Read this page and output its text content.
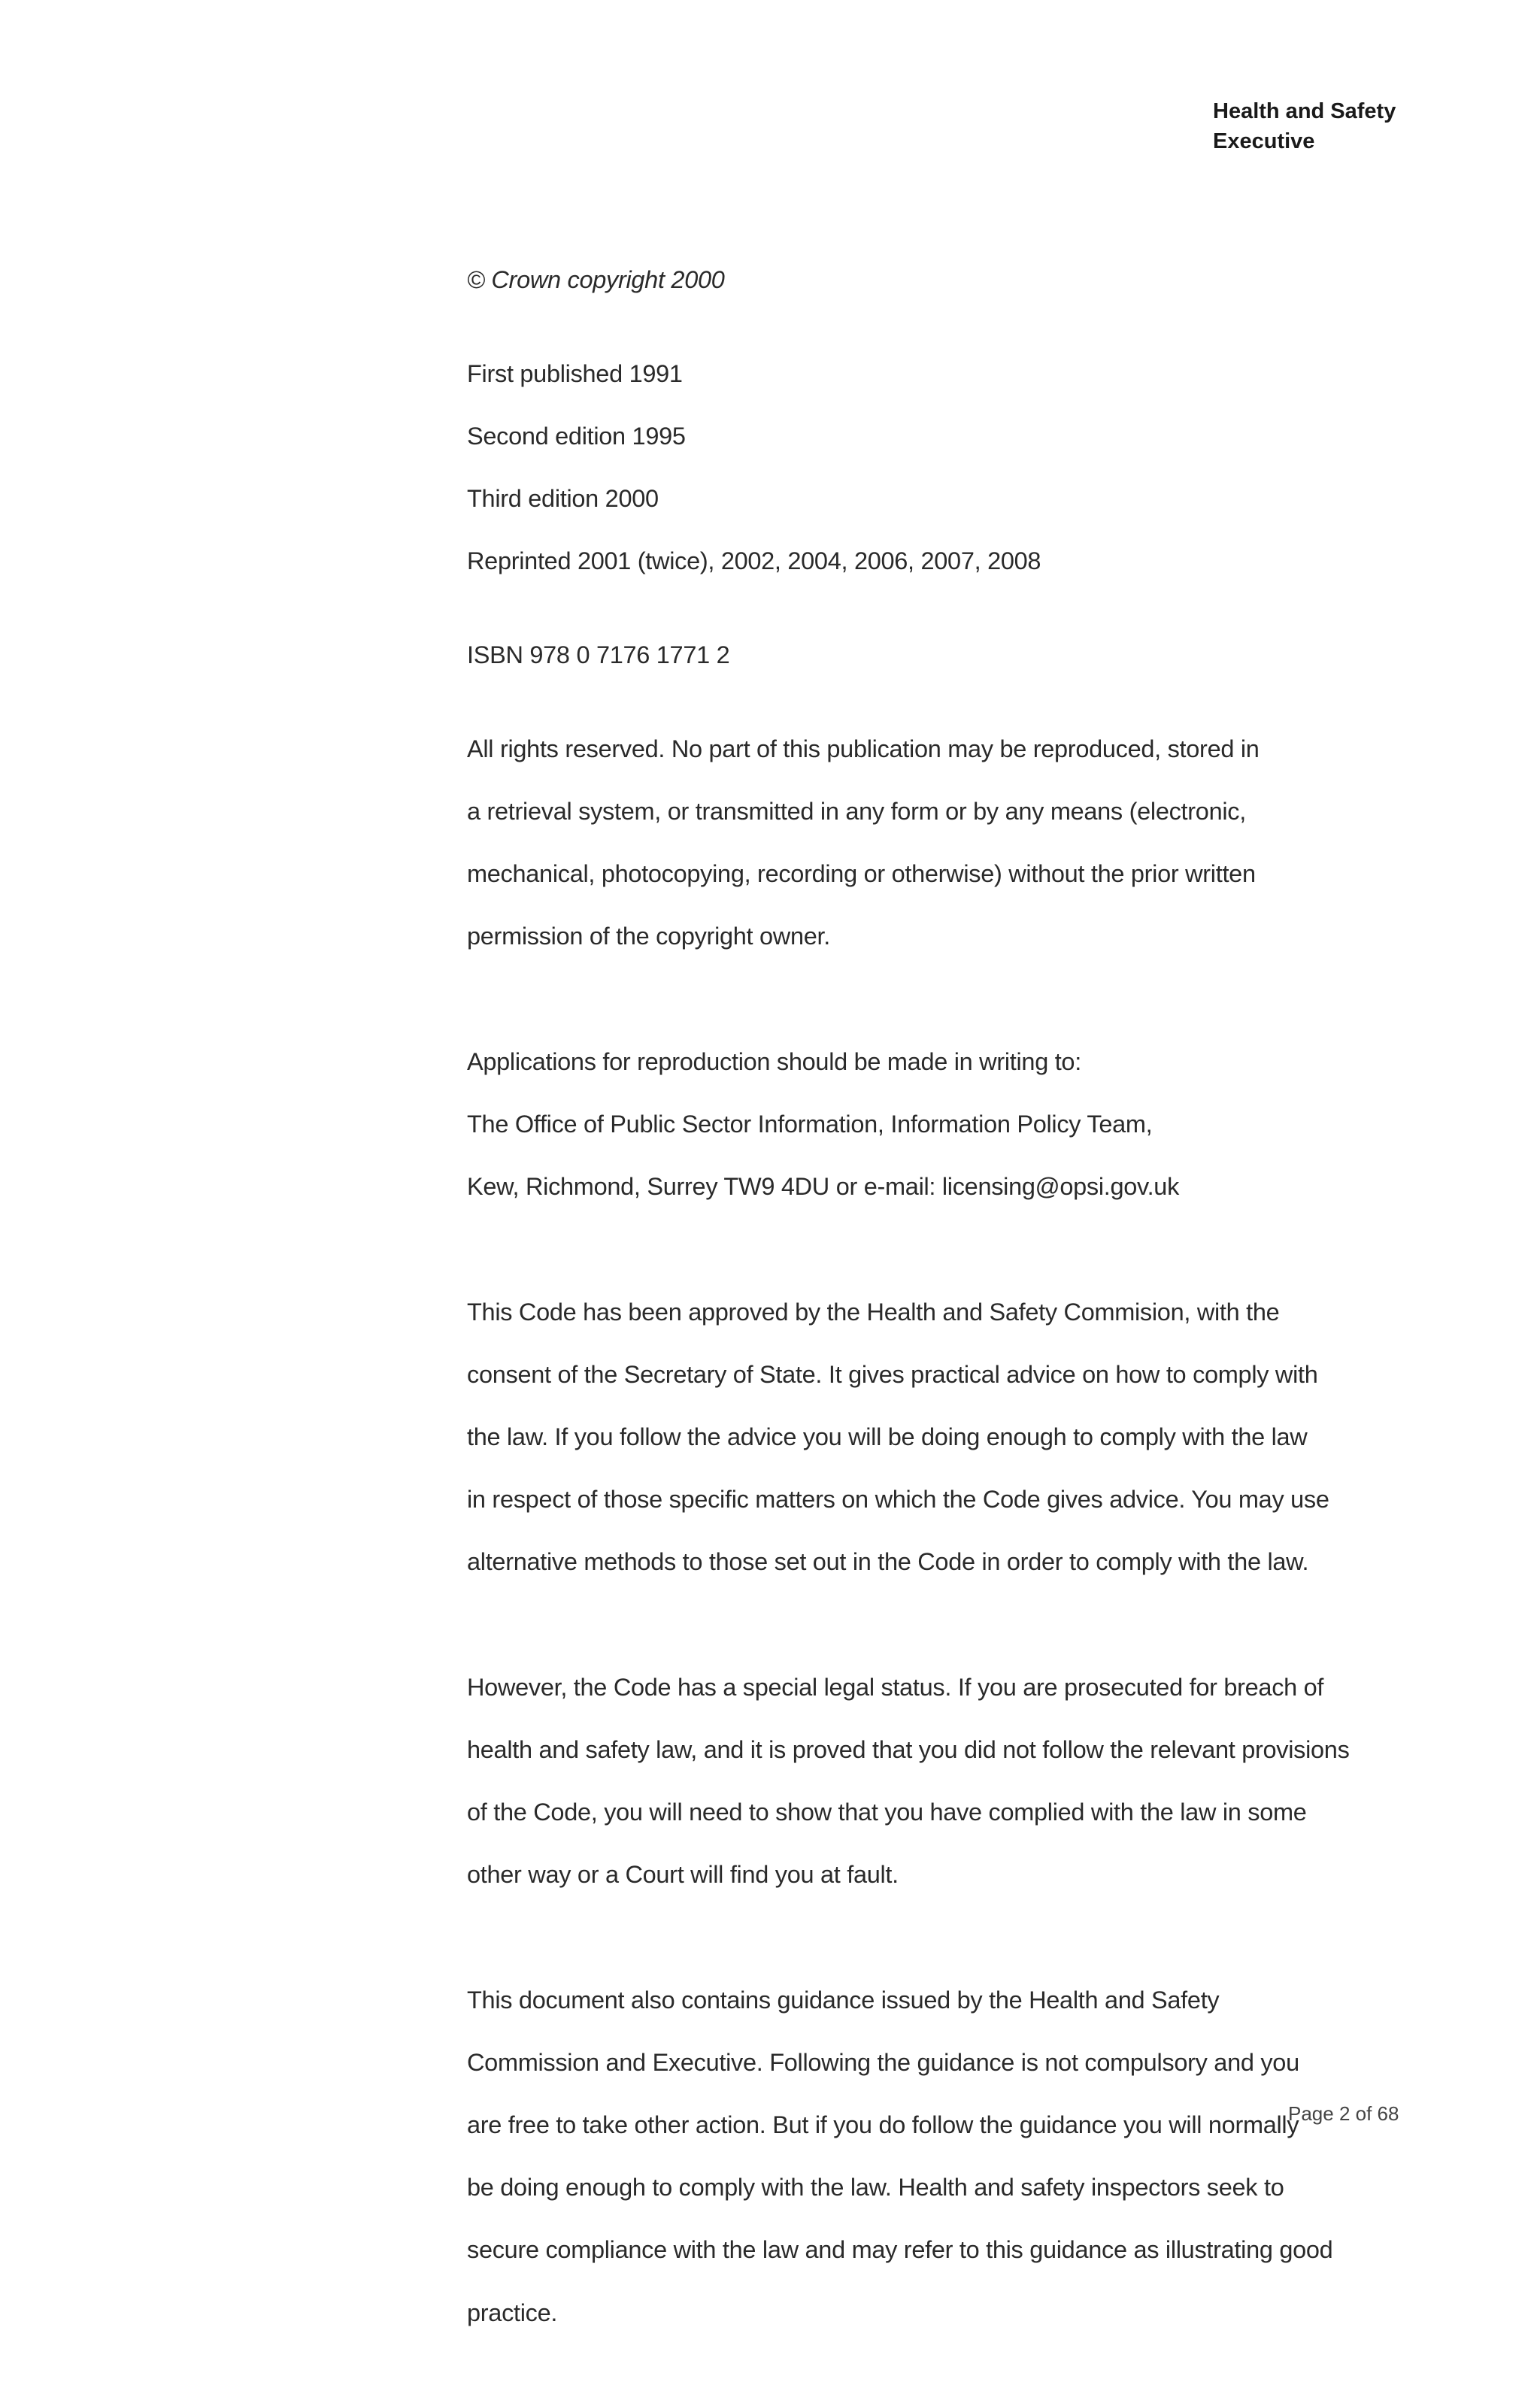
Health and Safety
Executive

© Crown copyright 2000

First published 1991

Second edition 1995

Third edition 2000

Reprinted 2001 (twice), 2002, 2004, 2006, 2007, 2008

ISBN 978 0 7176 1771 2

All rights reserved. No part of this publication may be reproduced, stored in

a retrieval system, or transmitted in any form or by any means (electronic,

mechanical, photocopying, recording or otherwise) without the prior written

permission of the copyright owner.

Applications for reproduction should be made in writing to:

The Office of Public Sector Information, Information Policy Team,

Kew, Richmond, Surrey TW9 4DU or e-mail: licensing@opsi.gov.uk

This Code has been approved by the Health and Safety Commision, with the

consent of the Secretary of State. It gives practical advice on how to comply with

the law. If you follow the advice you will be doing enough to comply with the law

in respect of those specific matters on which the Code gives advice. You may use

alternative methods to those set out in the Code in order to comply with the law.

However, the Code has a special legal status. If you are prosecuted for breach of

health and safety law, and it is proved that you did not follow the relevant provisions

of the Code, you will need to show that you have complied with the law in some

other way or a Court will find you at fault.

This document also contains guidance issued by the Health and Safety

Commission and Executive. Following the guidance is not compulsory and you

are free to take other action. But if you do follow the guidance you will normally

be doing enough to comply with the law. Health and safety inspectors seek to

secure compliance with the law and may refer to this guidance as illustrating good

practice.

Page 2 of 68
